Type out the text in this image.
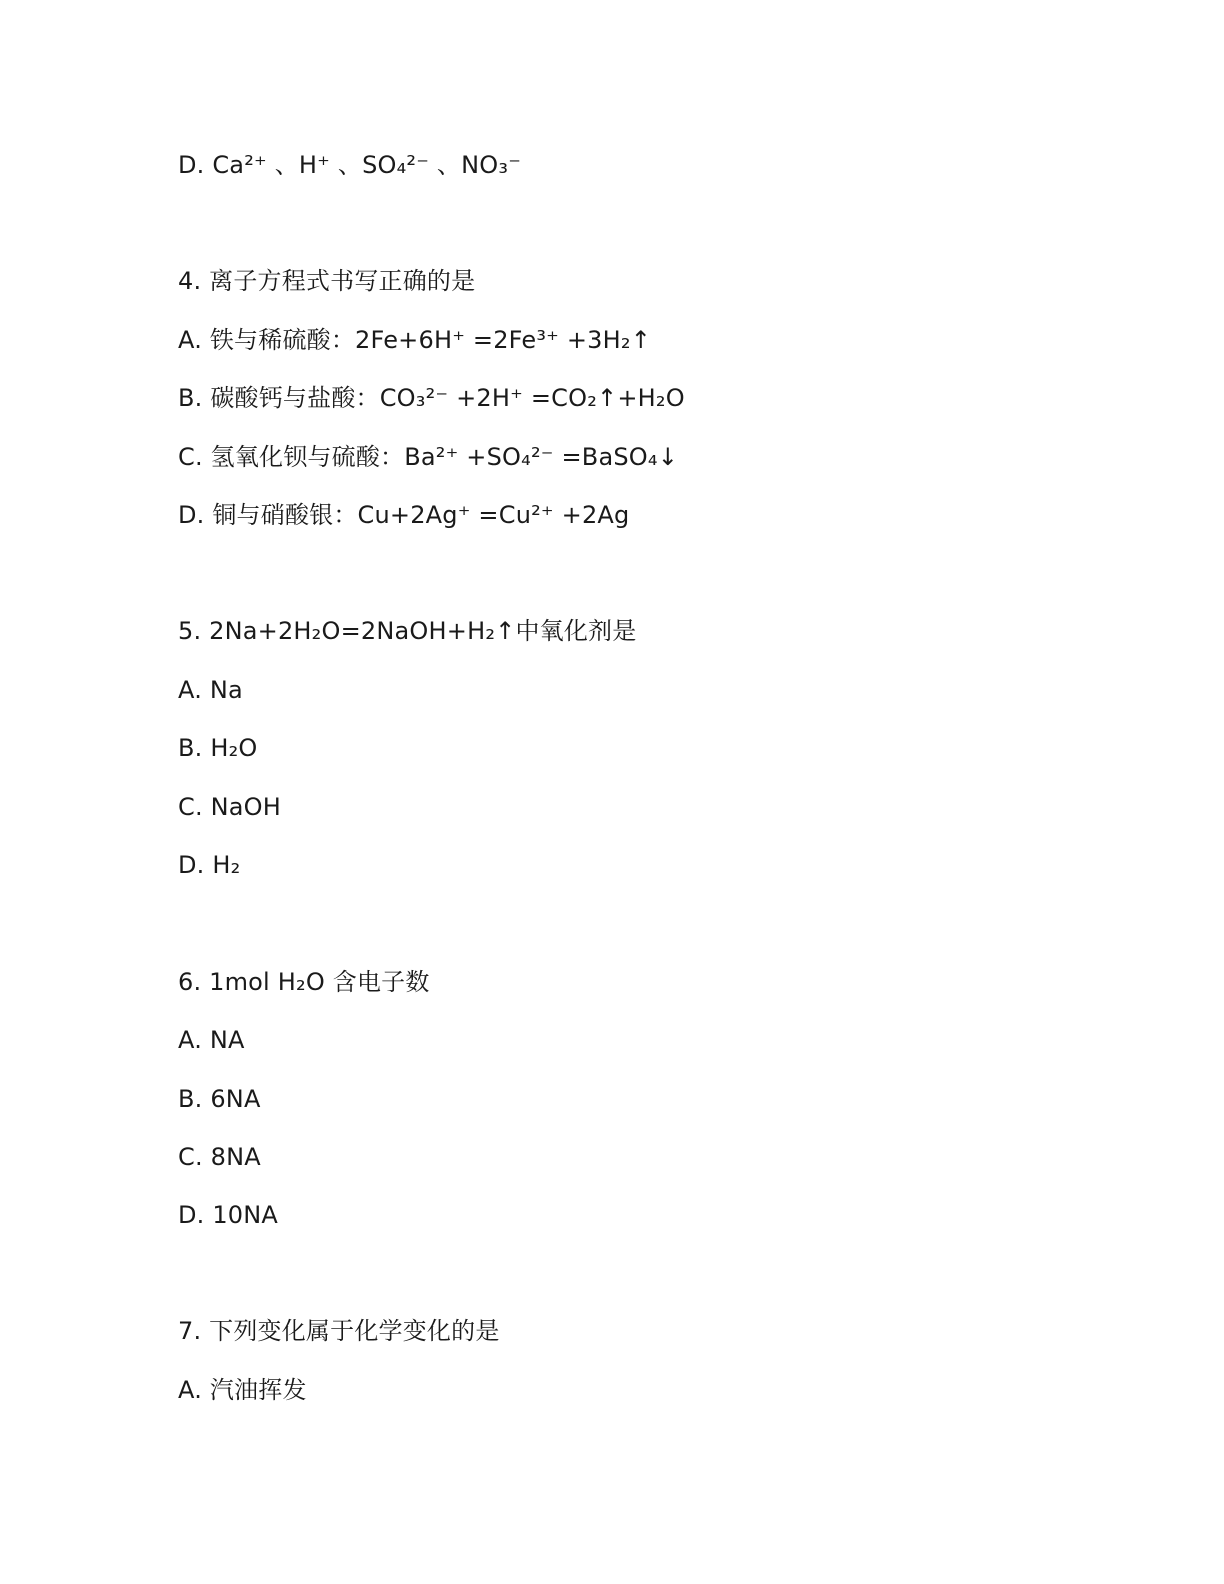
D. Ca²⁺ 、H⁺ 、SO₄²⁻ 、NO₃⁻
4. 离子方程式书写正确的是
A. 铁与稀硫酸：2Fe+6H⁺ =2Fe³⁺ +3H₂↑
B. 碳酸钙与盐酸：CO₃²⁻ +2H⁺ =CO₂↑+H₂O
C. 氢氧化钡与硫酸：Ba²⁺ +SO₄²⁻ =BaSO₄↓
D. 铜与硝酸银：Cu+2Ag⁺ =Cu²⁺ +2Ag
5. 2Na+2H₂O=2NaOH+H₂↑中氧化剂是
A. Na
B. H₂O
C. NaOH
D. H₂
6. 1mol H₂O 含电子数
A. NA
B. 6NA
C. 8NA
D. 10NA
7. 下列变化属于化学变化的是
A. 汽油挥发
